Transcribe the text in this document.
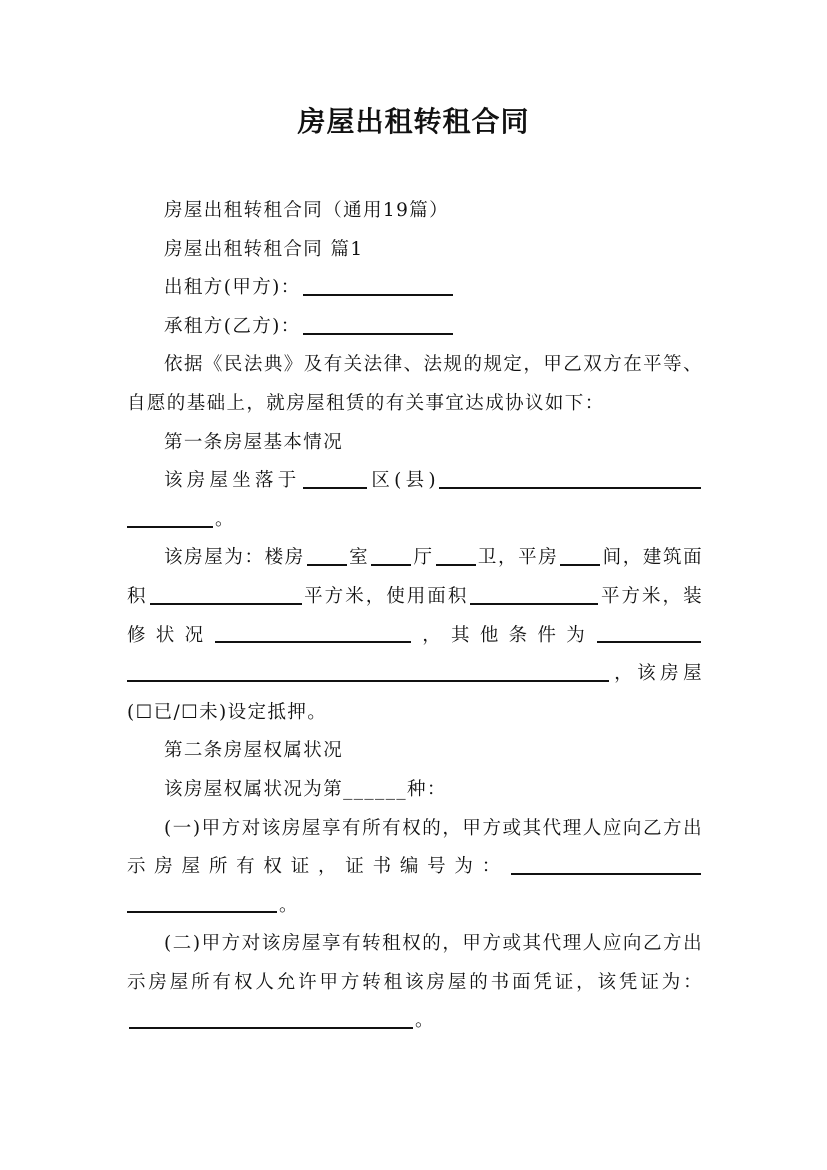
房屋出租转租合同

房屋出租转租合同（通用19篇）

房屋出租转租合同 篇1

出租方(甲方)：

承租方(乙方)：

依据《民法典》及有关法律、法规的规定，甲乙双方在平等、自愿的基础上，就房屋租赁的有关事宜达成协议如下：

第一条房屋基本情况

该房屋坐落于	区(县)。

该房屋为：楼房 室 厅 卫，平房 间，建筑面积	平方米，使用面积	平方米，装修状况	，其他条件为，该房屋(☐已/☐未)设定抵押。

第二条房屋权属状况

该房屋权属状况为第______种：

(一)甲方对该房屋享有所有权的，甲方或其代理人应向乙方出示房屋所有权证，证书编号为：。

(二)甲方对该房屋享有转租权的，甲方或其代理人应向乙方出示房屋所有权人允许甲方转租该房屋的书面凭证，该凭证为：。
